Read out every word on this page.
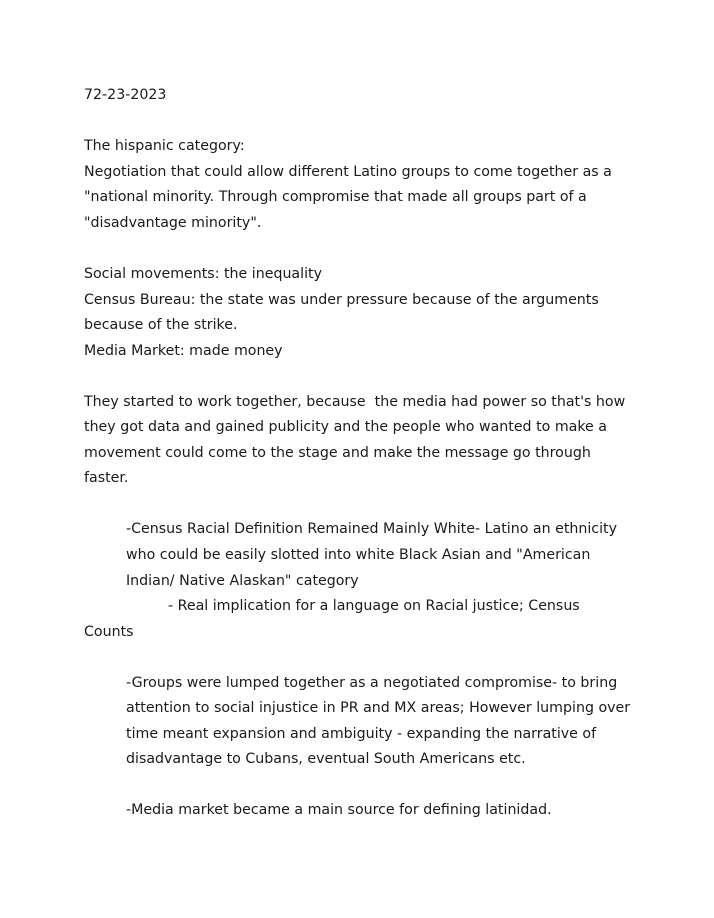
72-23-2023
The hispanic category:
Negotiation that could allow different Latino groups to come together as a
"national minority. Through compromise that made all groups part of a
"disadvantage minority".
Social movements: the inequality
Census Bureau: the state was under pressure because of the arguments
because of the strike.
Media Market: made money
They started to work together, because  the media had power so that's how
they got data and gained publicity and the people who wanted to make a
movement could come to the stage and make the message go through
faster.
-Census Racial Definition Remained Mainly White- Latino an ethnicity
who could be easily slotted into white Black Asian and "American
Indian/ Native Alaskan" category
- Real implication for a language on Racial justice; Census
Counts
-Groups were lumped together as a negotiated compromise- to bring
attention to social injustice in PR and MX areas; However lumping over
time meant expansion and ambiguity - expanding the narrative of
disadvantage to Cubans, eventual South Americans etc.
-Media market became a main source for defining latinidad.
